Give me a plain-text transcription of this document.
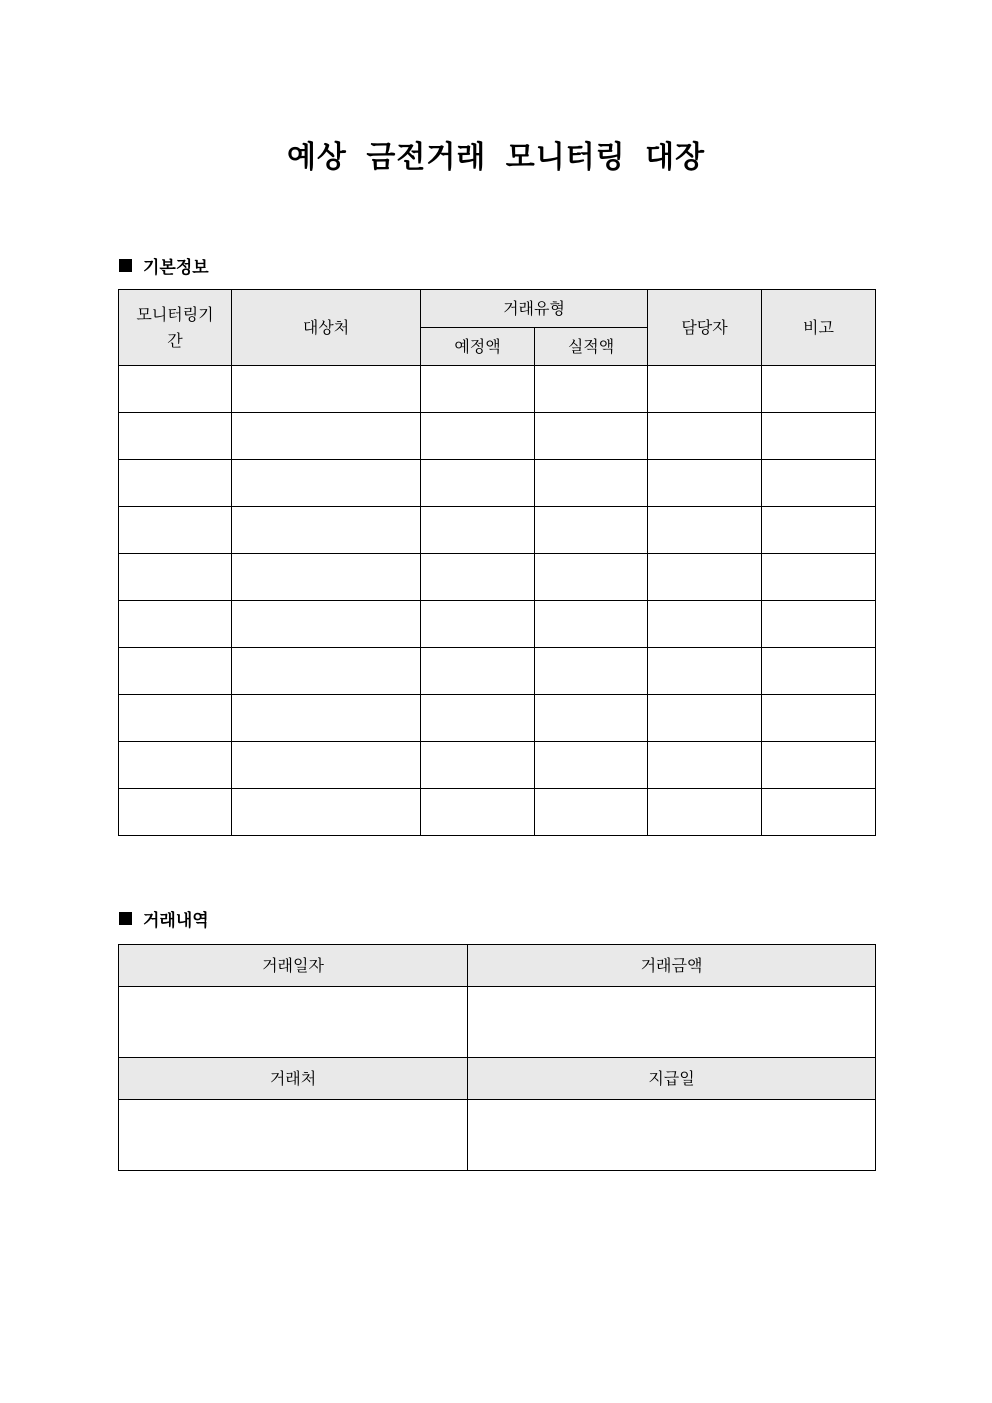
예상 금전거래 모니터링 대장
기본정보
모니터링기간	대상처	거래유형		담당자	비고
		예정액	실적액		

거래내역
거래일자	거래금액

거래처	지급일
